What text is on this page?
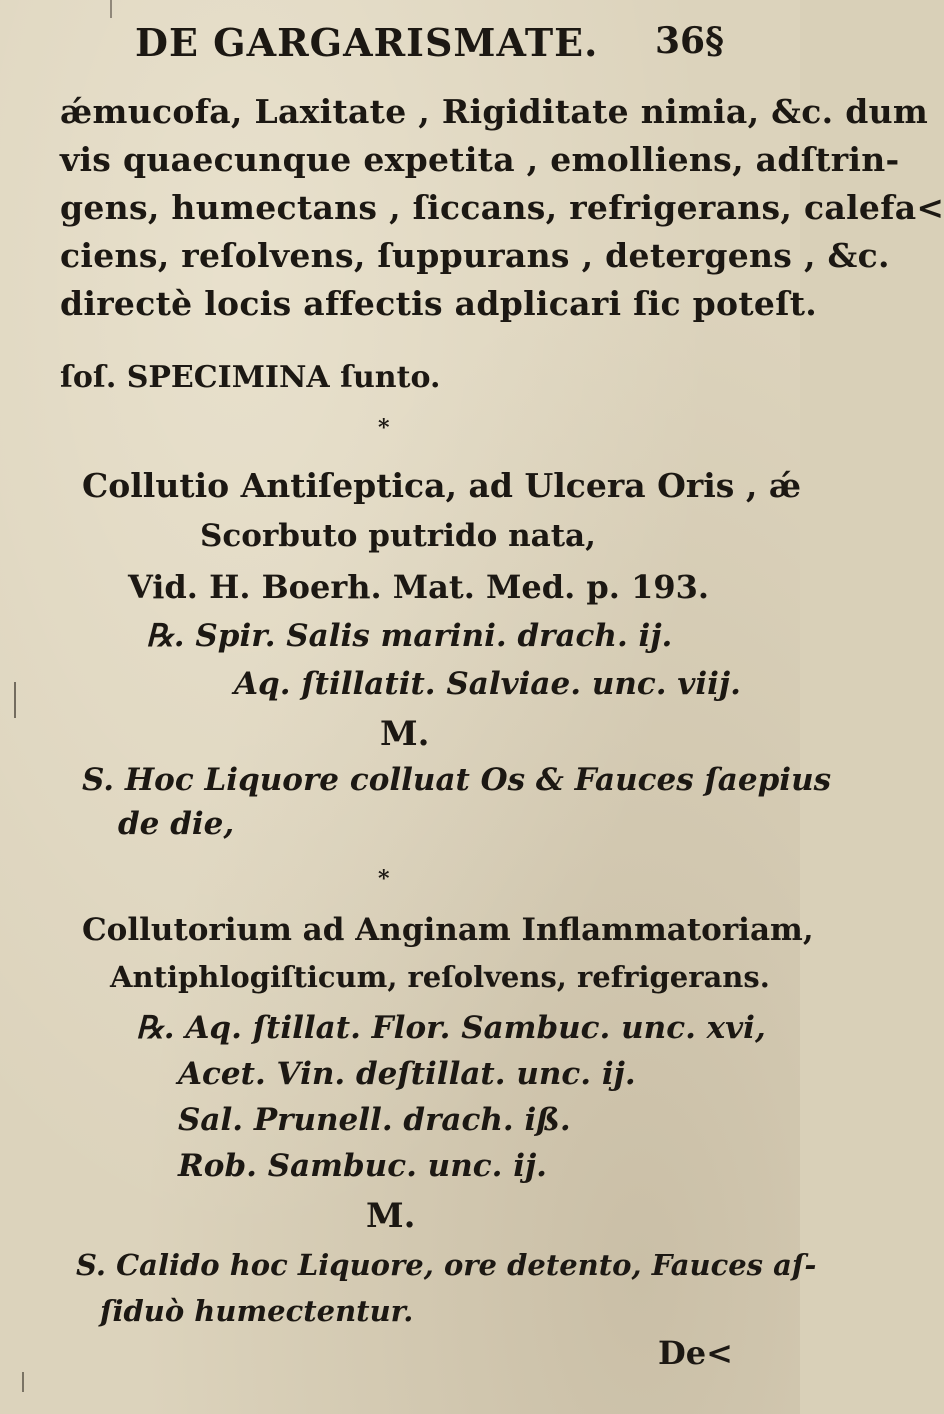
DE GARGARISMATE. 36§
ǽmucofa, Laxitate , Rigiditate nimia, &c. dum
vis quaecunque expetita , emolliens, adſtrin-
gens, humectans , ſiccans, refrigerans, calefa<
ciens, reſolvens, ſuppurans , detergens , &c.
directè locis affectis adplicari ſic poteſt.
ſoſ. SPECIMINA ſunto.
*
Collutio Antiſeptica, ad Ulcera Oris , ǽ
Scorbuto putrido nata,
Vid. H. Boerh. Mat. Med. p. 193.
℞. Spir. Salis marini. drach. ij.
Aq. ſtillatit. Salviae. unc. viij.
M.
S. Hoc Liquore colluat Os & Fauces ſaepius
de die,
*
Collutorium ad Anginam Inflammatoriam,
Antiphlogiſticum, reſolvens, refrigerans.
℞. Aq. ſtillat. Flor. Sambuc. unc. xvi,
Acet. Vin. deſtillat. unc. ij.
Sal. Prunell. drach. iß.
Rob. Sambuc. unc. ij.
M.
S. Calido hoc Liquore, ore detento, Fauces aſ-
ſiduò humectentur.
De<
